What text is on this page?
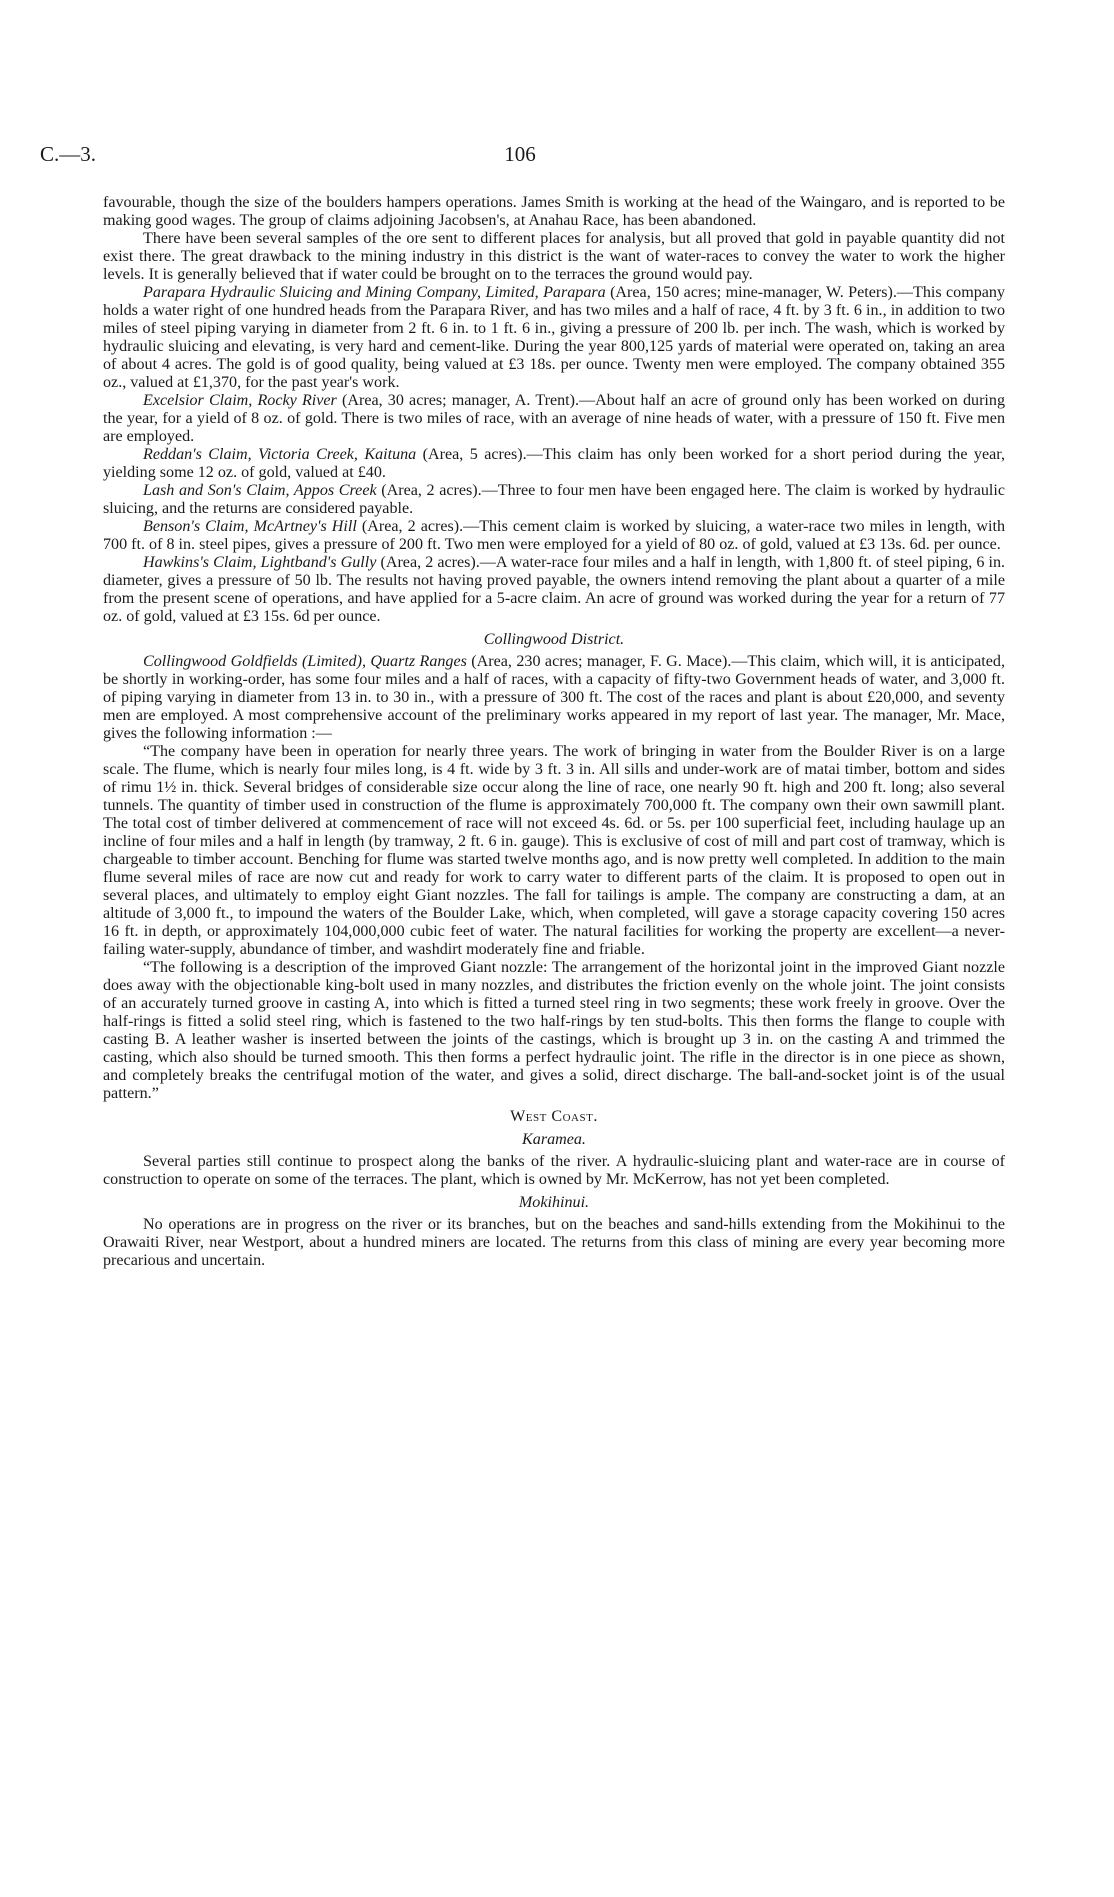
C.—3.	106

favourable, though the size of the boulders hampers operations. James Smith is working at the head of the Waingaro, and is reported to be making good wages. The group of claims adjoining Jacobsen's, at Anahau Race, has been abandoned.

There have been several samples of the ore sent to different places for analysis, but all proved that gold in payable quantity did not exist there. The great drawback to the mining industry in this district is the want of water-races to convey the water to work the higher levels. It is generally believed that if water could be brought on to the terraces the ground would pay.

Parapara Hydraulic Sluicing and Mining Company, Limited, Parapara (Area, 150 acres; mine-manager, W. Peters).—This company holds a water right of one hundred heads from the Parapara River, and has two miles and a half of race, 4 ft. by 3 ft. 6 in., in addition to two miles of steel piping varying in diameter from 2 ft. 6 in. to 1 ft. 6 in., giving a pressure of 200 lb. per inch. The wash, which is worked by hydraulic sluicing and elevating, is very hard and cement-like. During the year 800,125 yards of material were operated on, taking an area of about 4 acres. The gold is of good quality, being valued at £3 18s. per ounce. Twenty men were employed. The company obtained 355 oz., valued at £1,370, for the past year's work.

Excelsior Claim, Rocky River (Area, 30 acres; manager, A. Trent).—About half an acre of ground only has been worked on during the year, for a yield of 8 oz. of gold. There is two miles of race, with an average of nine heads of water, with a pressure of 150 ft. Five men are employed.

Reddan's Claim, Victoria Creek, Kaituna (Area, 5 acres).—This claim has only been worked for a short period during the year, yielding some 12 oz. of gold, valued at £40.

Lash and Son's Claim, Appos Creek (Area, 2 acres).—Three to four men have been engaged here. The claim is worked by hydraulic sluicing, and the returns are considered payable.

Benson's Claim, McArtney's Hill (Area, 2 acres).—This cement claim is worked by sluicing, a water-race two miles in length, with 700 ft. of 8 in. steel pipes, gives a pressure of 200 ft. Two men were employed for a yield of 80 oz. of gold, valued at £3 13s. 6d. per ounce.

Hawkins's Claim, Lightband's Gully (Area, 2 acres).—A water-race four miles and a half in length, with 1,800 ft. of steel piping, 6 in. diameter, gives a pressure of 50 lb. The results not having proved payable, the owners intend removing the plant about a quarter of a mile from the present scene of operations, and have applied for a 5-acre claim. An acre of ground was worked during the year for a return of 77 oz. of gold, valued at £3 15s. 6d per ounce.

Collingwood District.

Collingwood Goldfields (Limited), Quartz Ranges (Area, 230 acres; manager, F. G. Mace).—This claim, which will, it is anticipated, be shortly in working-order, has some four miles and a half of races, with a capacity of fifty-two Government heads of water, and 3,000 ft. of piping varying in diameter from 13 in. to 30 in., with a pressure of 300 ft. The cost of the races and plant is about £20,000, and seventy men are employed. A most comprehensive account of the preliminary works appeared in my report of last year. The manager, Mr. Mace, gives the following information :—

“The company have been in operation for nearly three years. The work of bringing in water from the Boulder River is on a large scale. The flume, which is nearly four miles long, is 4 ft. wide by 3 ft. 3 in. All sills and under-work are of matai timber, bottom and sides of rimu 1½ in. thick. Several bridges of considerable size occur along the line of race, one nearly 90 ft. high and 200 ft. long; also several tunnels. The quantity of timber used in construction of the flume is approximately 700,000 ft. The company own their own sawmill plant. The total cost of timber delivered at commencement of race will not exceed 4s. 6d. or 5s. per 100 superficial feet, including haulage up an incline of four miles and a half in length (by tramway, 2 ft. 6 in. gauge). This is exclusive of cost of mill and part cost of tramway, which is chargeable to timber account. Benching for flume was started twelve months ago, and is now pretty well completed. In addition to the main flume several miles of race are now cut and ready for work to carry water to different parts of the claim. It is proposed to open out in several places, and ultimately to employ eight Giant nozzles. The fall for tailings is ample. The company are constructing a dam, at an altitude of 3,000 ft., to impound the waters of the Boulder Lake, which, when completed, will gave a storage capacity covering 150 acres 16 ft. in depth, or approximately 104,000,000 cubic feet of water. The natural facilities for working the property are excellent—a never-failing water-supply, abundance of timber, and washdirt moderately fine and friable.

“The following is a description of the improved Giant nozzle: The arrangement of the horizontal joint in the improved Giant nozzle does away with the objectionable king-bolt used in many nozzles, and distributes the friction evenly on the whole joint. The joint consists of an accurately turned groove in casting A, into which is fitted a turned steel ring in two segments; these work freely in groove. Over the half-rings is fitted a solid steel ring, which is fastened to the two half-rings by ten stud-bolts. This then forms the flange to couple with casting B. A leather washer is inserted between the joints of the castings, which is brought up 3 in. on the casting A and trimmed the casting, which also should be turned smooth. This then forms a perfect hydraulic joint. The rifle in the director is in one piece as shown, and completely breaks the centrifugal motion of the water, and gives a solid, direct discharge. The ball-and-socket joint is of the usual pattern.”

West Coast.

Karamea.

Several parties still continue to prospect along the banks of the river. A hydraulic-sluicing plant and water-race are in course of construction to operate on some of the terraces. The plant, which is owned by Mr. McKerrow, has not yet been completed.

Mokihinui.

No operations are in progress on the river or its branches, but on the beaches and sand-hills extending from the Mokihinui to the Orawaiti River, near Westport, about a hundred miners are located. The returns from this class of mining are every year becoming more precarious and uncertain.
